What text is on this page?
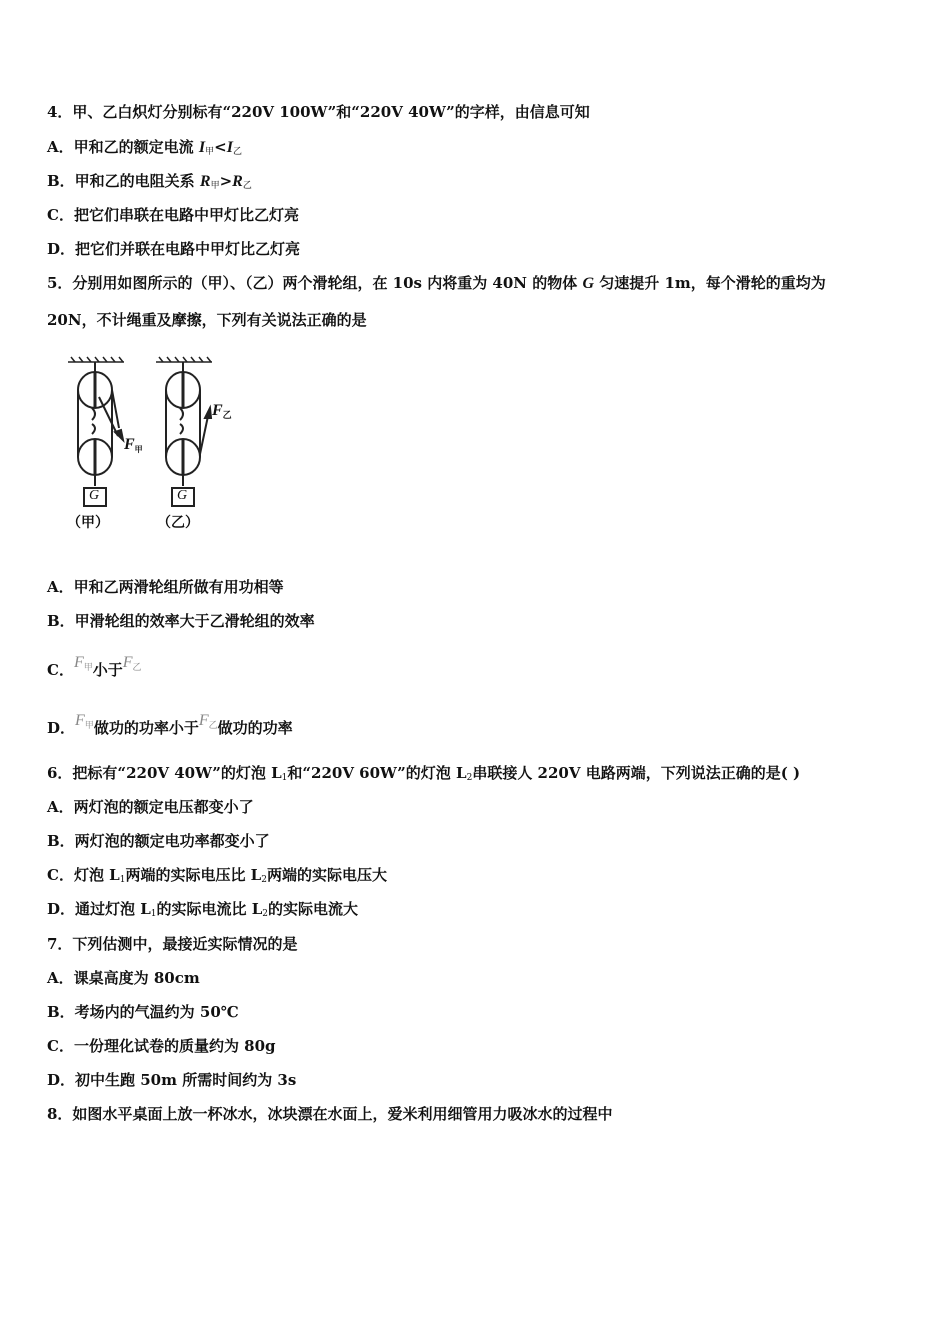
4．甲、乙白炽灯分别标有“220V 100W”和“220V 40W”的字样，由信息可知
A．甲和乙的额定电流 $I_甲<I_乙$
B．甲和乙的电阻关系 $R_甲>R_乙$
C．把它们串联在电路中甲灯比乙灯亮
D．把它们并联在电路中甲灯比乙灯亮
5．分别用如图所示的（甲）、（乙）两个滑轮组，在 10s 内将重为 40N 的物体 G 匀速提升 1m，每个滑轮的重均为
20N，不计绳重及摩擦，下列有关说法正确的是
F甲
F乙
G	G
（甲）	（乙）
A．甲和乙两滑轮组所做有用功相等
B．甲滑轮组的效率大于乙滑轮组的效率
C．F甲小于F乙
D．F甲做功的功率小于F乙做功的功率
6．把标有“220V 40W”的灯泡 $L_1$和“220V 60W”的灯泡 $L_2$串联接人 220V 电路两端，下列说法正确的是( )
A．两灯泡的额定电压都变小了
B．两灯泡的额定电功率都变小了
C．灯泡 $L_1$两端的实际电压比 $L_2$两端的实际电压大
D．通过灯泡 $L_1$的实际电流比 $L_2$的实际电流大
7．下列估测中，最接近实际情况的是
A．课桌高度为 80cm
B．考场内的气温约为 50℃
C．一份理化试卷的质量约为 80g
D．初中生跑 50m 所需时间约为 3s
8．如图水平桌面上放一杯冰水，冰块漂在水面上，爱米利用细管用力吸冰水的过程中
